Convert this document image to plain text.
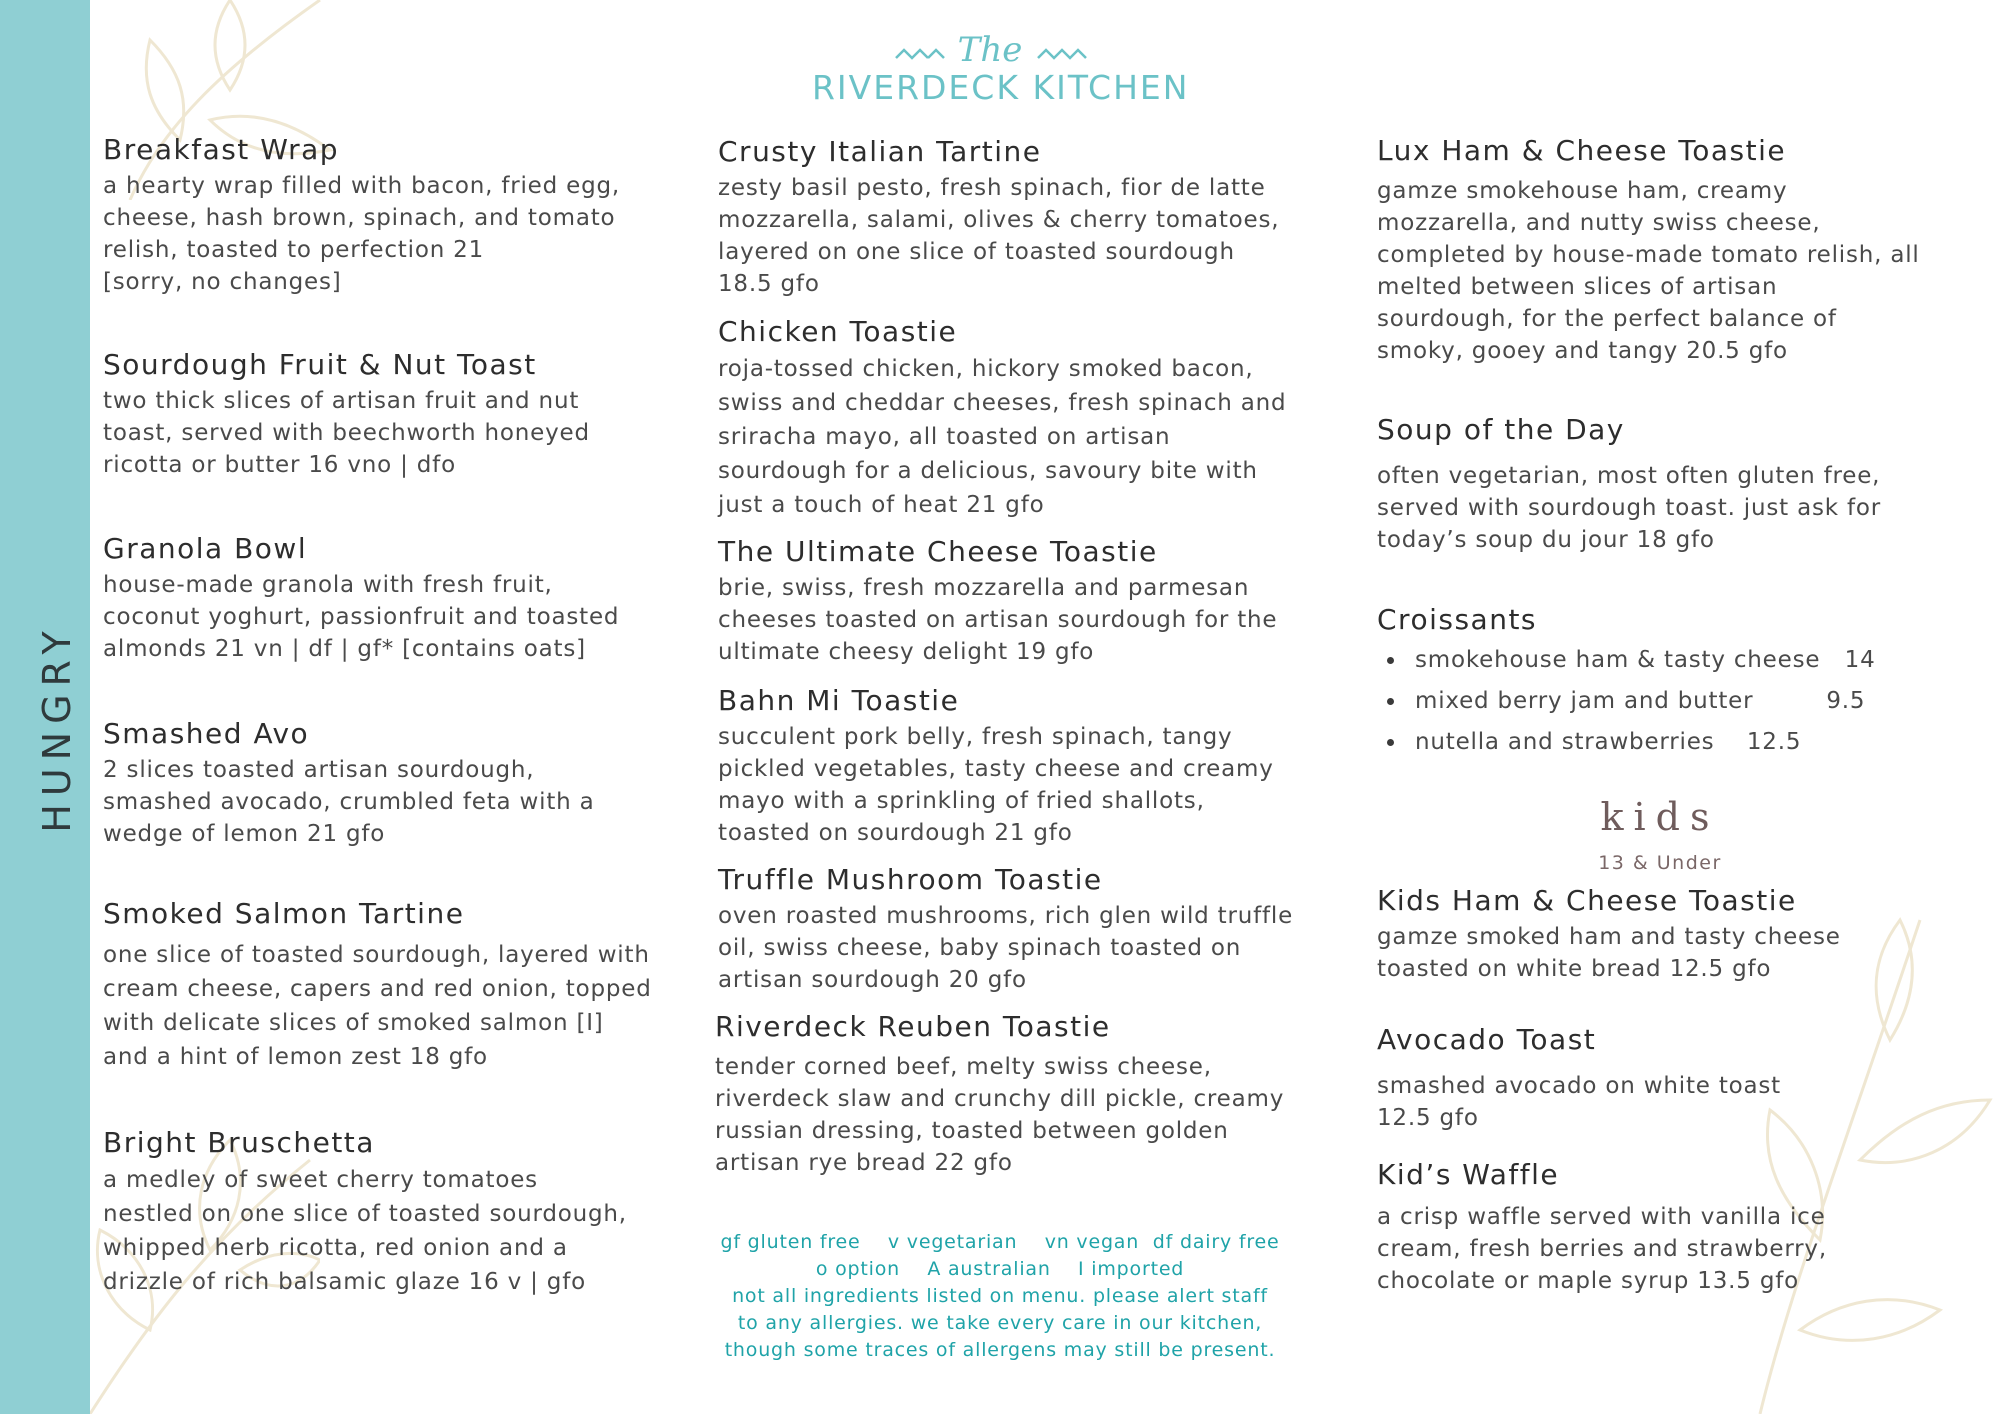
HUNGRY
The
RIVERDECK KITCHEN
Breakfast Wrap
a hearty wrap filled with bacon, fried egg,
cheese, hash brown, spinach, and tomato
relish, toasted to perfection 21
[sorry, no changes]
Sourdough Fruit & Nut Toast
two thick slices of artisan fruit and nut
toast, served with beechworth honeyed
ricotta or butter 16 vno | dfo
Granola Bowl
house-made granola with fresh fruit,
coconut yoghurt, passionfruit and toasted
almonds 21 vn | df | gf* [contains oats]
Smashed Avo
2 slices toasted artisan sourdough,
smashed avocado, crumbled feta with a
wedge of lemon 21 gfo
Smoked Salmon Tartine
one slice of toasted sourdough, layered with
cream cheese, capers and red onion, topped
with delicate slices of smoked salmon [I]
and a hint of lemon zest 18 gfo
Bright Bruschetta
a medley of sweet cherry tomatoes
nestled on one slice of toasted sourdough,
whipped herb ricotta, red onion and a
drizzle of rich balsamic glaze 16 v | gfo
Crusty Italian Tartine
zesty basil pesto, fresh spinach, fior de latte
mozzarella, salami, olives & cherry tomatoes,
layered on one slice of toasted sourdough
18.5 gfo
Chicken Toastie
roja-tossed chicken, hickory smoked bacon,
swiss and cheddar cheeses, fresh spinach and
sriracha mayo, all toasted on artisan
sourdough for a delicious, savoury bite with
just a touch of heat 21 gfo
The Ultimate Cheese Toastie
brie, swiss, fresh mozzarella and parmesan
cheeses toasted on artisan sourdough for the
ultimate cheesy delight 19 gfo
Bahn Mi Toastie
succulent pork belly, fresh spinach, tangy
pickled vegetables, tasty cheese and creamy
mayo with a sprinkling of fried shallots,
toasted on sourdough 21 gfo
Truffle Mushroom Toastie
oven roasted mushrooms, rich glen wild truffle
oil, swiss cheese, baby spinach toasted on
artisan sourdough 20 gfo
Riverdeck Reuben Toastie
tender corned beef, melty swiss cheese,
riverdeck slaw and crunchy dill pickle, creamy
russian dressing, toasted between golden
artisan rye bread 22 gfo
gf gluten free    v vegetarian    vn vegan  df dairy free
o option    A australian    I imported
not all ingredients listed on menu. please alert staff
to any allergies. we take every care in our kitchen,
though some traces of allergens may still be present.
Lux Ham & Cheese Toastie
gamze smokehouse ham, creamy
mozzarella, and nutty swiss cheese,
completed by house-made tomato relish, all
melted between slices of artisan
sourdough, for the perfect balance of
smoky, gooey and tangy 20.5 gfo
Soup of the Day
often vegetarian, most often gluten free,
served with sourdough toast. just ask for
today’s soup du jour 18 gfo
Croissants
smokehouse ham & tasty cheese   14
mixed berry jam and butter         9.5
nutella and strawberries    12.5
kids
13 & Under
Kids Ham & Cheese Toastie
gamze smoked ham and tasty cheese
toasted on white bread 12.5 gfo
Avocado Toast
smashed avocado on white toast
12.5 gfo
Kid’s Waffle
a crisp waffle served with vanilla ice
cream, fresh berries and strawberry,
chocolate or maple syrup 13.5 gfo
